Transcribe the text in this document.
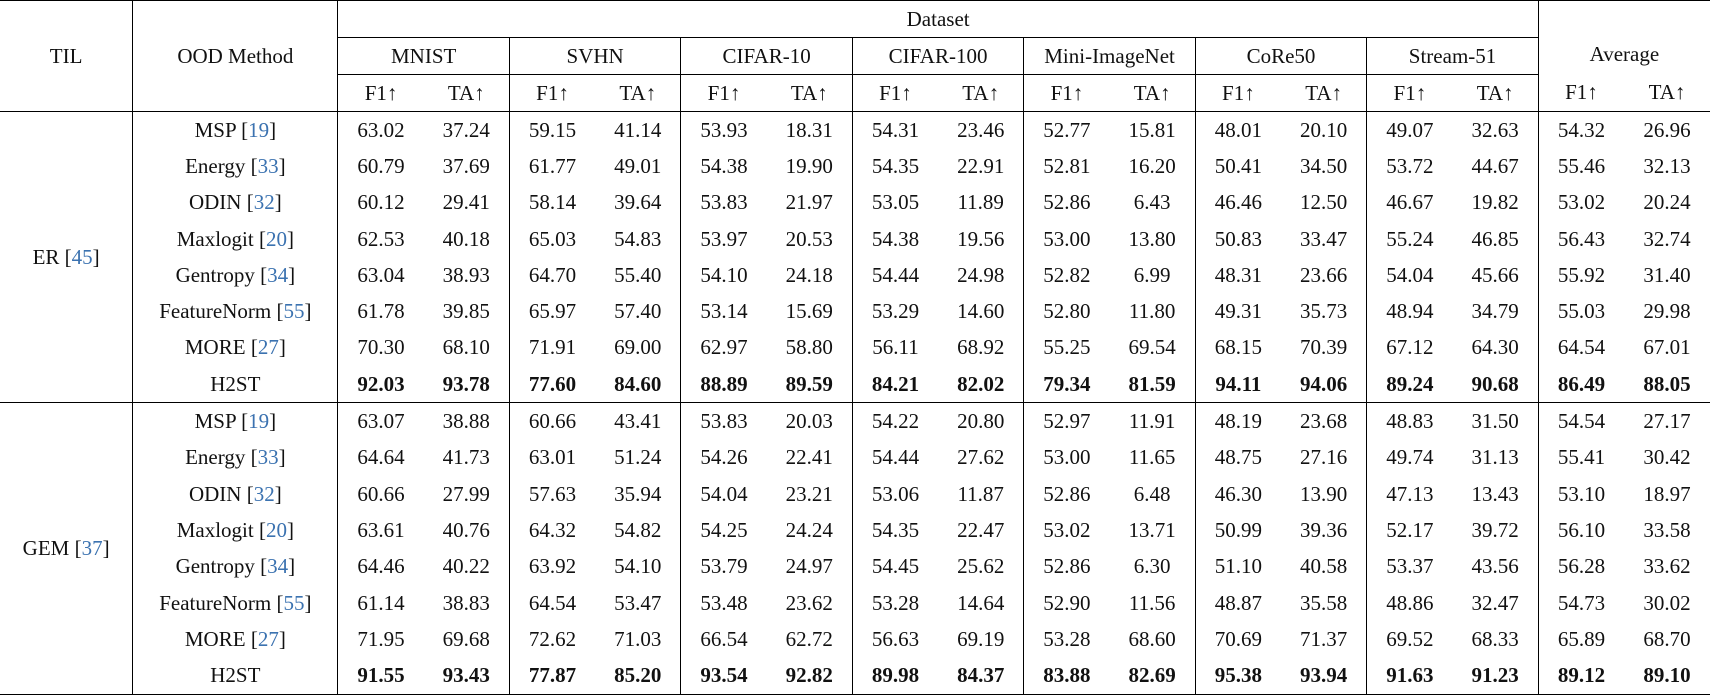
TIL	OOD Method	Dataset														Average	
		MNIST		SVHN		CIFAR-10		CIFAR-100		Mini-ImageNet		CoRe50		Stream-51			
		F1↑	TA↑	F1↑	TA↑	F1↑	TA↑	F1↑	TA↑	F1↑	TA↑	F1↑	TA↑	F1↑	TA↑	F1↑	TA↑
ER [45]	MSP [19]	63.02	37.24	59.15	41.14	53.93	18.31	54.31	23.46	52.77	15.81	48.01	20.10	49.07	32.63	54.32	26.96
	Energy [33]	60.79	37.69	61.77	49.01	54.38	19.90	54.35	22.91	52.81	16.20	50.41	34.50	53.72	44.67	55.46	32.13
	ODIN [32]	60.12	29.41	58.14	39.64	53.83	21.97	53.05	11.89	52.86	6.43	46.46	12.50	46.67	19.82	53.02	20.24
	Maxlogit [20]	62.53	40.18	65.03	54.83	53.97	20.53	54.38	19.56	53.00	13.80	50.83	33.47	55.24	46.85	56.43	32.74
	Gentropy [34]	63.04	38.93	64.70	55.40	54.10	24.18	54.44	24.98	52.82	6.99	48.31	23.66	54.04	45.66	55.92	31.40
	FeatureNorm [55]	61.78	39.85	65.97	57.40	53.14	15.69	53.29	14.60	52.80	11.80	49.31	35.73	48.94	34.79	55.03	29.98
	MORE [27]	70.30	68.10	71.91	69.00	62.97	58.80	56.11	68.92	55.25	69.54	68.15	70.39	67.12	64.30	64.54	67.01
	H2ST	92.03	93.78	77.60	84.60	88.89	89.59	84.21	82.02	79.34	81.59	94.11	94.06	89.24	90.68	86.49	88.05
GEM [37]	MSP [19]	63.07	38.88	60.66	43.41	53.83	20.03	54.22	20.80	52.97	11.91	48.19	23.68	48.83	31.50	54.54	27.17
	Energy [33]	64.64	41.73	63.01	51.24	54.26	22.41	54.44	27.62	53.00	11.65	48.75	27.16	49.74	31.13	55.41	30.42
	ODIN [32]	60.66	27.99	57.63	35.94	54.04	23.21	53.06	11.87	52.86	6.48	46.30	13.90	47.13	13.43	53.10	18.97
	Maxlogit [20]	63.61	40.76	64.32	54.82	54.25	24.24	54.35	22.47	53.02	13.71	50.99	39.36	52.17	39.72	56.10	33.58
	Gentropy [34]	64.46	40.22	63.92	54.10	53.79	24.97	54.45	25.62	52.86	6.30	51.10	40.58	53.37	43.56	56.28	33.62
	FeatureNorm [55]	61.14	38.83	64.54	53.47	53.48	23.62	53.28	14.64	52.90	11.56	48.87	35.58	48.86	32.47	54.73	30.02
	MORE [27]	71.95	69.68	72.62	71.03	66.54	62.72	56.63	69.19	53.28	68.60	70.69	71.37	69.52	68.33	65.89	68.70
	H2ST	91.55	93.43	77.87	85.20	93.54	92.82	89.98	84.37	83.88	82.69	95.38	93.94	91.63	91.23	89.12	89.10
